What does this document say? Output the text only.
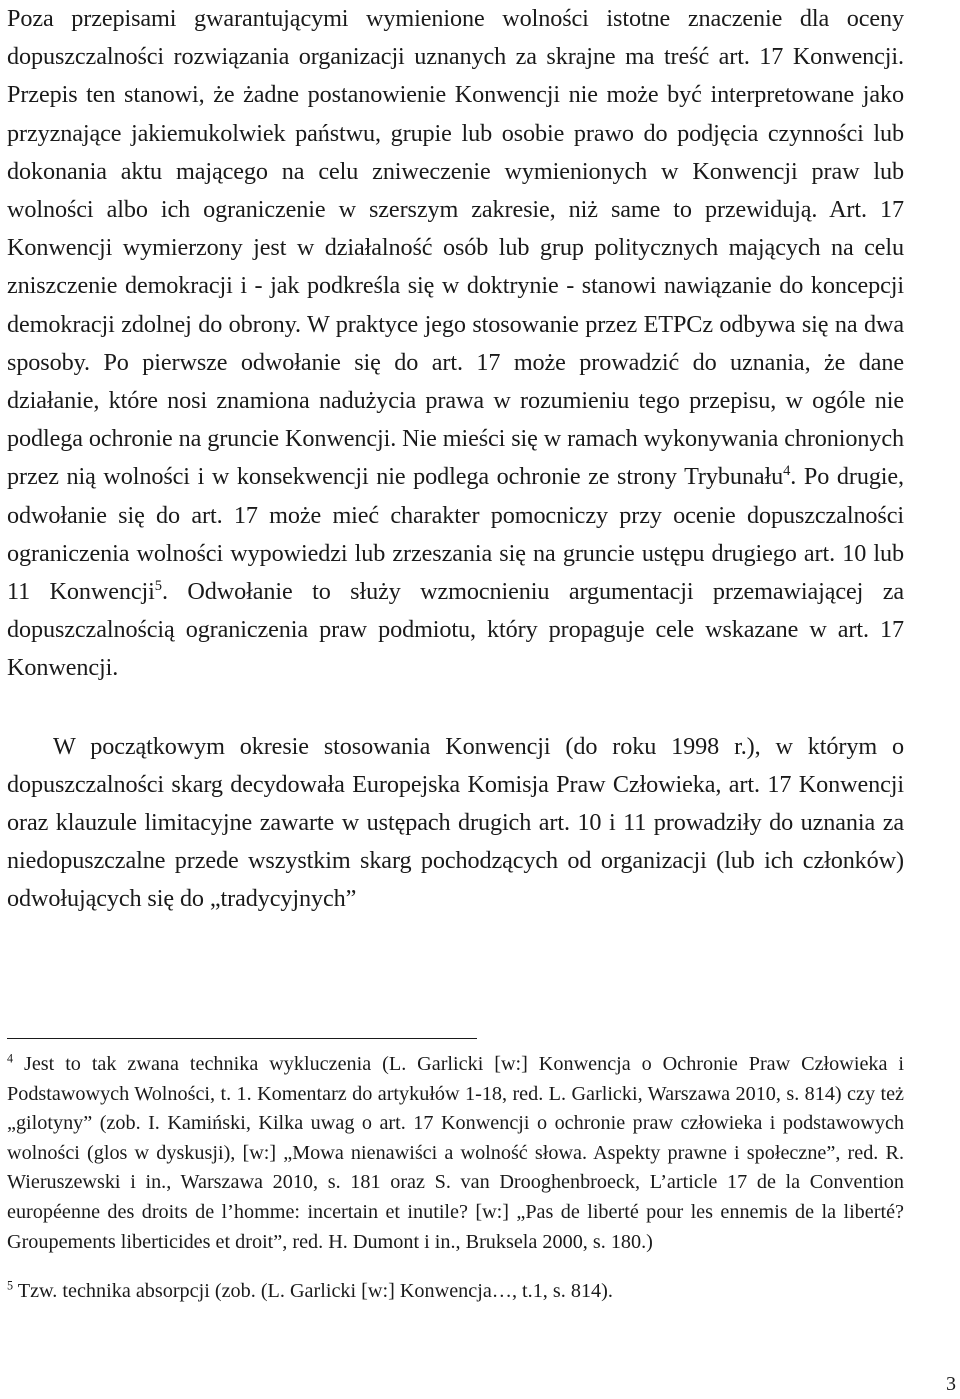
Poza przepisami gwarantującymi wymienione wolności istotne znaczenie dla oceny dopuszczalności rozwiązania organizacji uznanych za skrajne ma treść art. 17 Konwencji. Przepis ten stanowi, że żadne postanowienie Konwencji nie może być interpretowane jako przyznające jakiemukolwiek państwu, grupie lub osobie prawo do podjęcia czynności lub dokonania aktu mającego na celu zniweczenie wymienionych w Konwencji praw lub wolności albo ich ograniczenie w szerszym zakresie, niż same to przewidują. Art. 17 Konwencji wymierzony jest w działalność osób lub grup politycznych mających na celu zniszczenie demokracji i - jak podkreśla się w doktrynie - stanowi nawiązanie do koncepcji demokracji zdolnej do obrony. W praktyce jego stosowanie przez ETPCz odbywa się na dwa sposoby. Po pierwsze odwołanie się do art. 17 może prowadzić do uznania, że dane działanie, które nosi znamiona nadużycia prawa w rozumieniu tego przepisu, w ogóle nie podlega ochronie na gruncie Konwencji. Nie mieści się w ramach wykonywania chronionych przez nią wolności i w konsekwencji nie podlega ochronie ze strony Trybunału$^4$. Po drugie, odwołanie się do art. 17 może mieć charakter pomocniczy przy ocenie dopuszczalności ograniczenia wolności wypowiedzi lub zrzeszania się na gruncie ustępu drugiego art. 10 lub 11 Konwencji$^5$. Odwołanie to służy wzmocnieniu argumentacji przemawiającej za dopuszczalnością ograniczenia praw podmiotu, który propaguje cele wskazane w art. 17 Konwencji.

W początkowym okresie stosowania Konwencji (do roku 1998 r.), w którym o dopuszczalności skarg decydowała Europejska Komisja Praw Człowieka, art. 17 Konwencji oraz klauzule limitacyjne zawarte w ustępach drugich art. 10 i 11 prowadziły do uznania za niedopuszczalne przede wszystkim skarg pochodzących od organizacji (lub ich członków) odwołujących się do „tradycyjnych”

$^4$ Jest to tak zwana technika wykluczenia (L. Garlicki [w:] Konwencja o Ochronie Praw Człowieka i Podstawowych Wolności, t. 1. Komentarz do artykułów 1-18, red. L. Garlicki, Warszawa 2010, s. 814) czy też „gilotyny” (zob. I. Kamiński, Kilka uwag o art. 17 Konwencji o ochronie praw człowieka i podstawowych wolności (glos w dyskusji), [w:] „Mowa nienawiści a wolność słowa. Aspekty prawne i społeczne”, red. R. Wieruszewski i in., Warszawa 2010, s. 181 oraz S. van Drooghenbroeck, L’article 17 de la Convention européenne des droits de l’homme: incertain et inutile? [w:] „Pas de liberté pour les ennemis de la liberté? Groupements liberticides et droit”, red. H. Dumont i in., Bruksela 2000, s. 180.)

$^5$ Tzw. technika absorpcji (zob. (L. Garlicki [w:] Konwencja…, t.1, s. 814).

3
